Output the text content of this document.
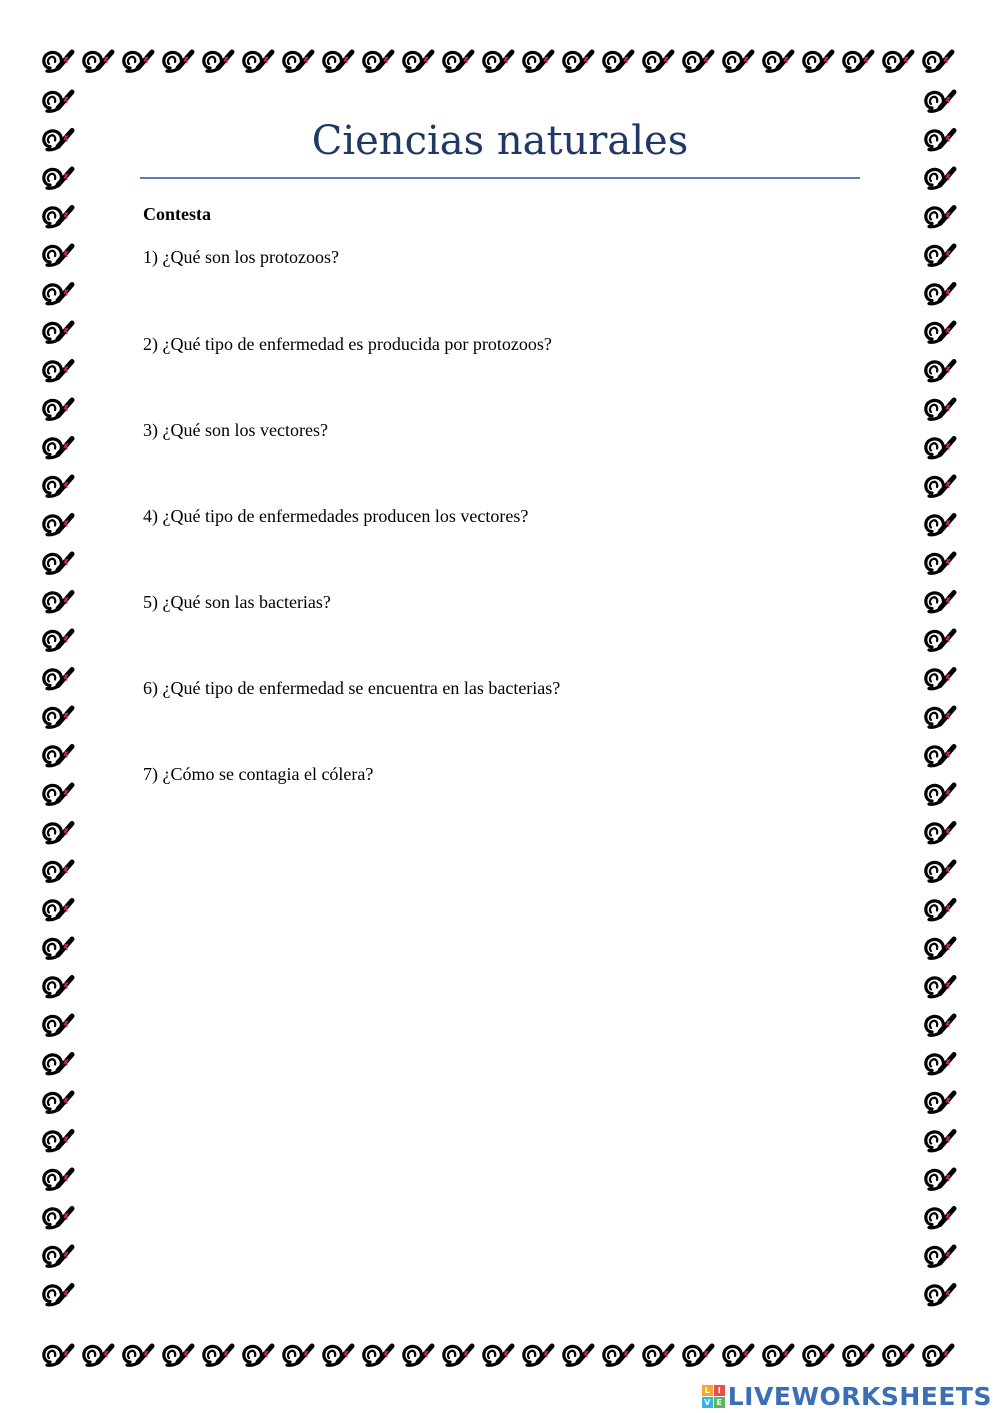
Ciencias naturales
Contesta
1) ¿Qué son los protozoos?
2) ¿Qué tipo de enfermedad es producida por protozoos?
3) ¿Qué son los vectores?
4) ¿Qué tipo de enfermedades producen los vectores?
5) ¿Qué son las bacterias?
6) ¿Qué tipo de enfermedad se encuentra en las bacterias?
7) ¿Cómo se contagia el cólera?
L I
V E LIVEWORKSHEETS
